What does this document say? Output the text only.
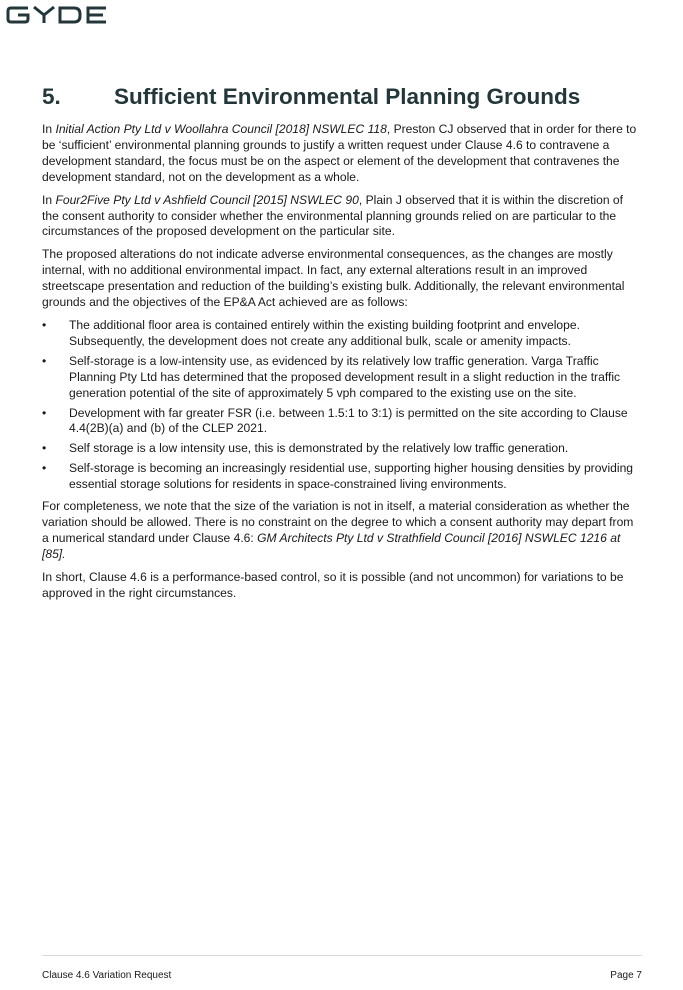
5.	Sufficient Environmental Planning Grounds

In Initial Action Pty Ltd v Woollahra Council [2018] NSWLEC 118, Preston CJ observed that in order for there to be ‘sufficient’ environmental planning grounds to justify a written request under Clause 4.6 to contravene a development standard, the focus must be on the aspect or element of the development that contravenes the development standard, not on the development as a whole.

In Four2Five Pty Ltd v Ashfield Council [2015] NSWLEC 90, Plain J observed that it is within the discretion of the consent authority to consider whether the environmental planning grounds relied on are particular to the circumstances of the proposed development on the particular site.

The proposed alterations do not indicate adverse environmental consequences, as the changes are mostly internal, with no additional environmental impact. In fact, any external alterations result in an improved streetscape presentation and reduction of the building’s existing bulk. Additionally, the relevant environmental grounds and the objectives of the EP&A Act achieved are as follows:

• The additional floor area is contained entirely within the existing building footprint and envelope. Subsequently, the development does not create any additional bulk, scale or amenity impacts.
• Self-storage is a low-intensity use, as evidenced by its relatively low traffic generation. Varga Traffic Planning Pty Ltd has determined that the proposed development result in a slight reduction in the traffic generation potential of the site of approximately 5 vph compared to the existing use on the site.
• Development with far greater FSR (i.e. between 1.5:1 to 3:1) is permitted on the site according to Clause 4.4(2B)(a) and (b) of the CLEP 2021.
• Self storage is a low intensity use, this is demonstrated by the relatively low traffic generation.
• Self-storage is becoming an increasingly residential use, supporting higher housing densities by providing essential storage solutions for residents in space-constrained living environments.

For completeness, we note that the size of the variation is not in itself, a material consideration as whether the variation should be allowed. There is no constraint on the degree to which a consent authority may depart from a numerical standard under Clause 4.6: GM Architects Pty Ltd v Strathfield Council [2016] NSWLEC 1216 at [85].

In short, Clause 4.6 is a performance-based control, so it is possible (and not uncommon) for variations to be approved in the right circumstances.

Clause 4.6 Variation Request	Page 7
